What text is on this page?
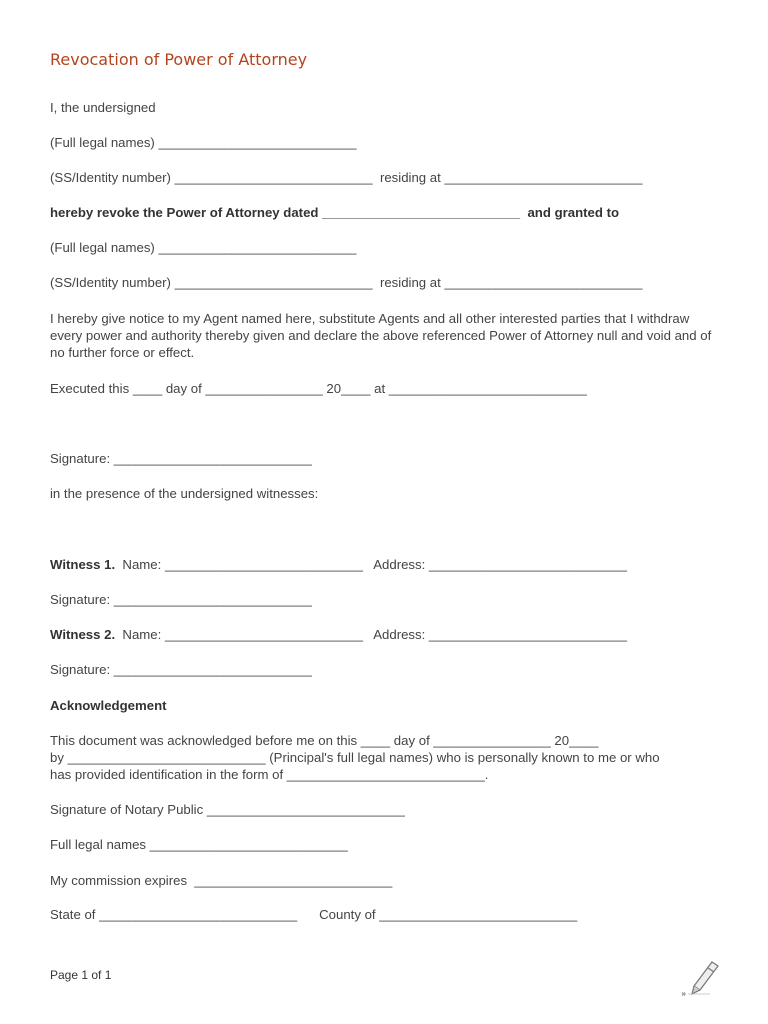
Revocation of Power of Attorney
I, the undersigned
(Full legal names) ___________________________
(SS/Identity number) ___________________________  residing at ___________________________
hereby revoke the Power of Attorney dated ___________________________  and granted to
(Full legal names) ___________________________
(SS/Identity number) ___________________________  residing at ___________________________
I hereby give notice to my Agent named here, substitute Agents and all other interested parties that I withdraw every power and authority thereby given and declare the above referenced Power of Attorney null and void and of no further force or effect.
Executed this ____ day of ________________ 20____ at ___________________________
Signature: ___________________________
in the presence of the undersigned witnesses:
Witness 1.  Name: ___________________________   Address: ___________________________
Signature: ___________________________
Witness 2.  Name: ___________________________   Address: ___________________________
Signature: ___________________________
Acknowledgement
This document was acknowledged before me on this ____ day of ________________ 20____
by ___________________________ (Principal's full legal names) who is personally known to me or who
has provided identification in the form of ___________________________.
Signature of Notary Public ___________________________
Full legal names ___________________________
My commission expires  ___________________________
State of ___________________________      County of ___________________________
Page 1 of 1
